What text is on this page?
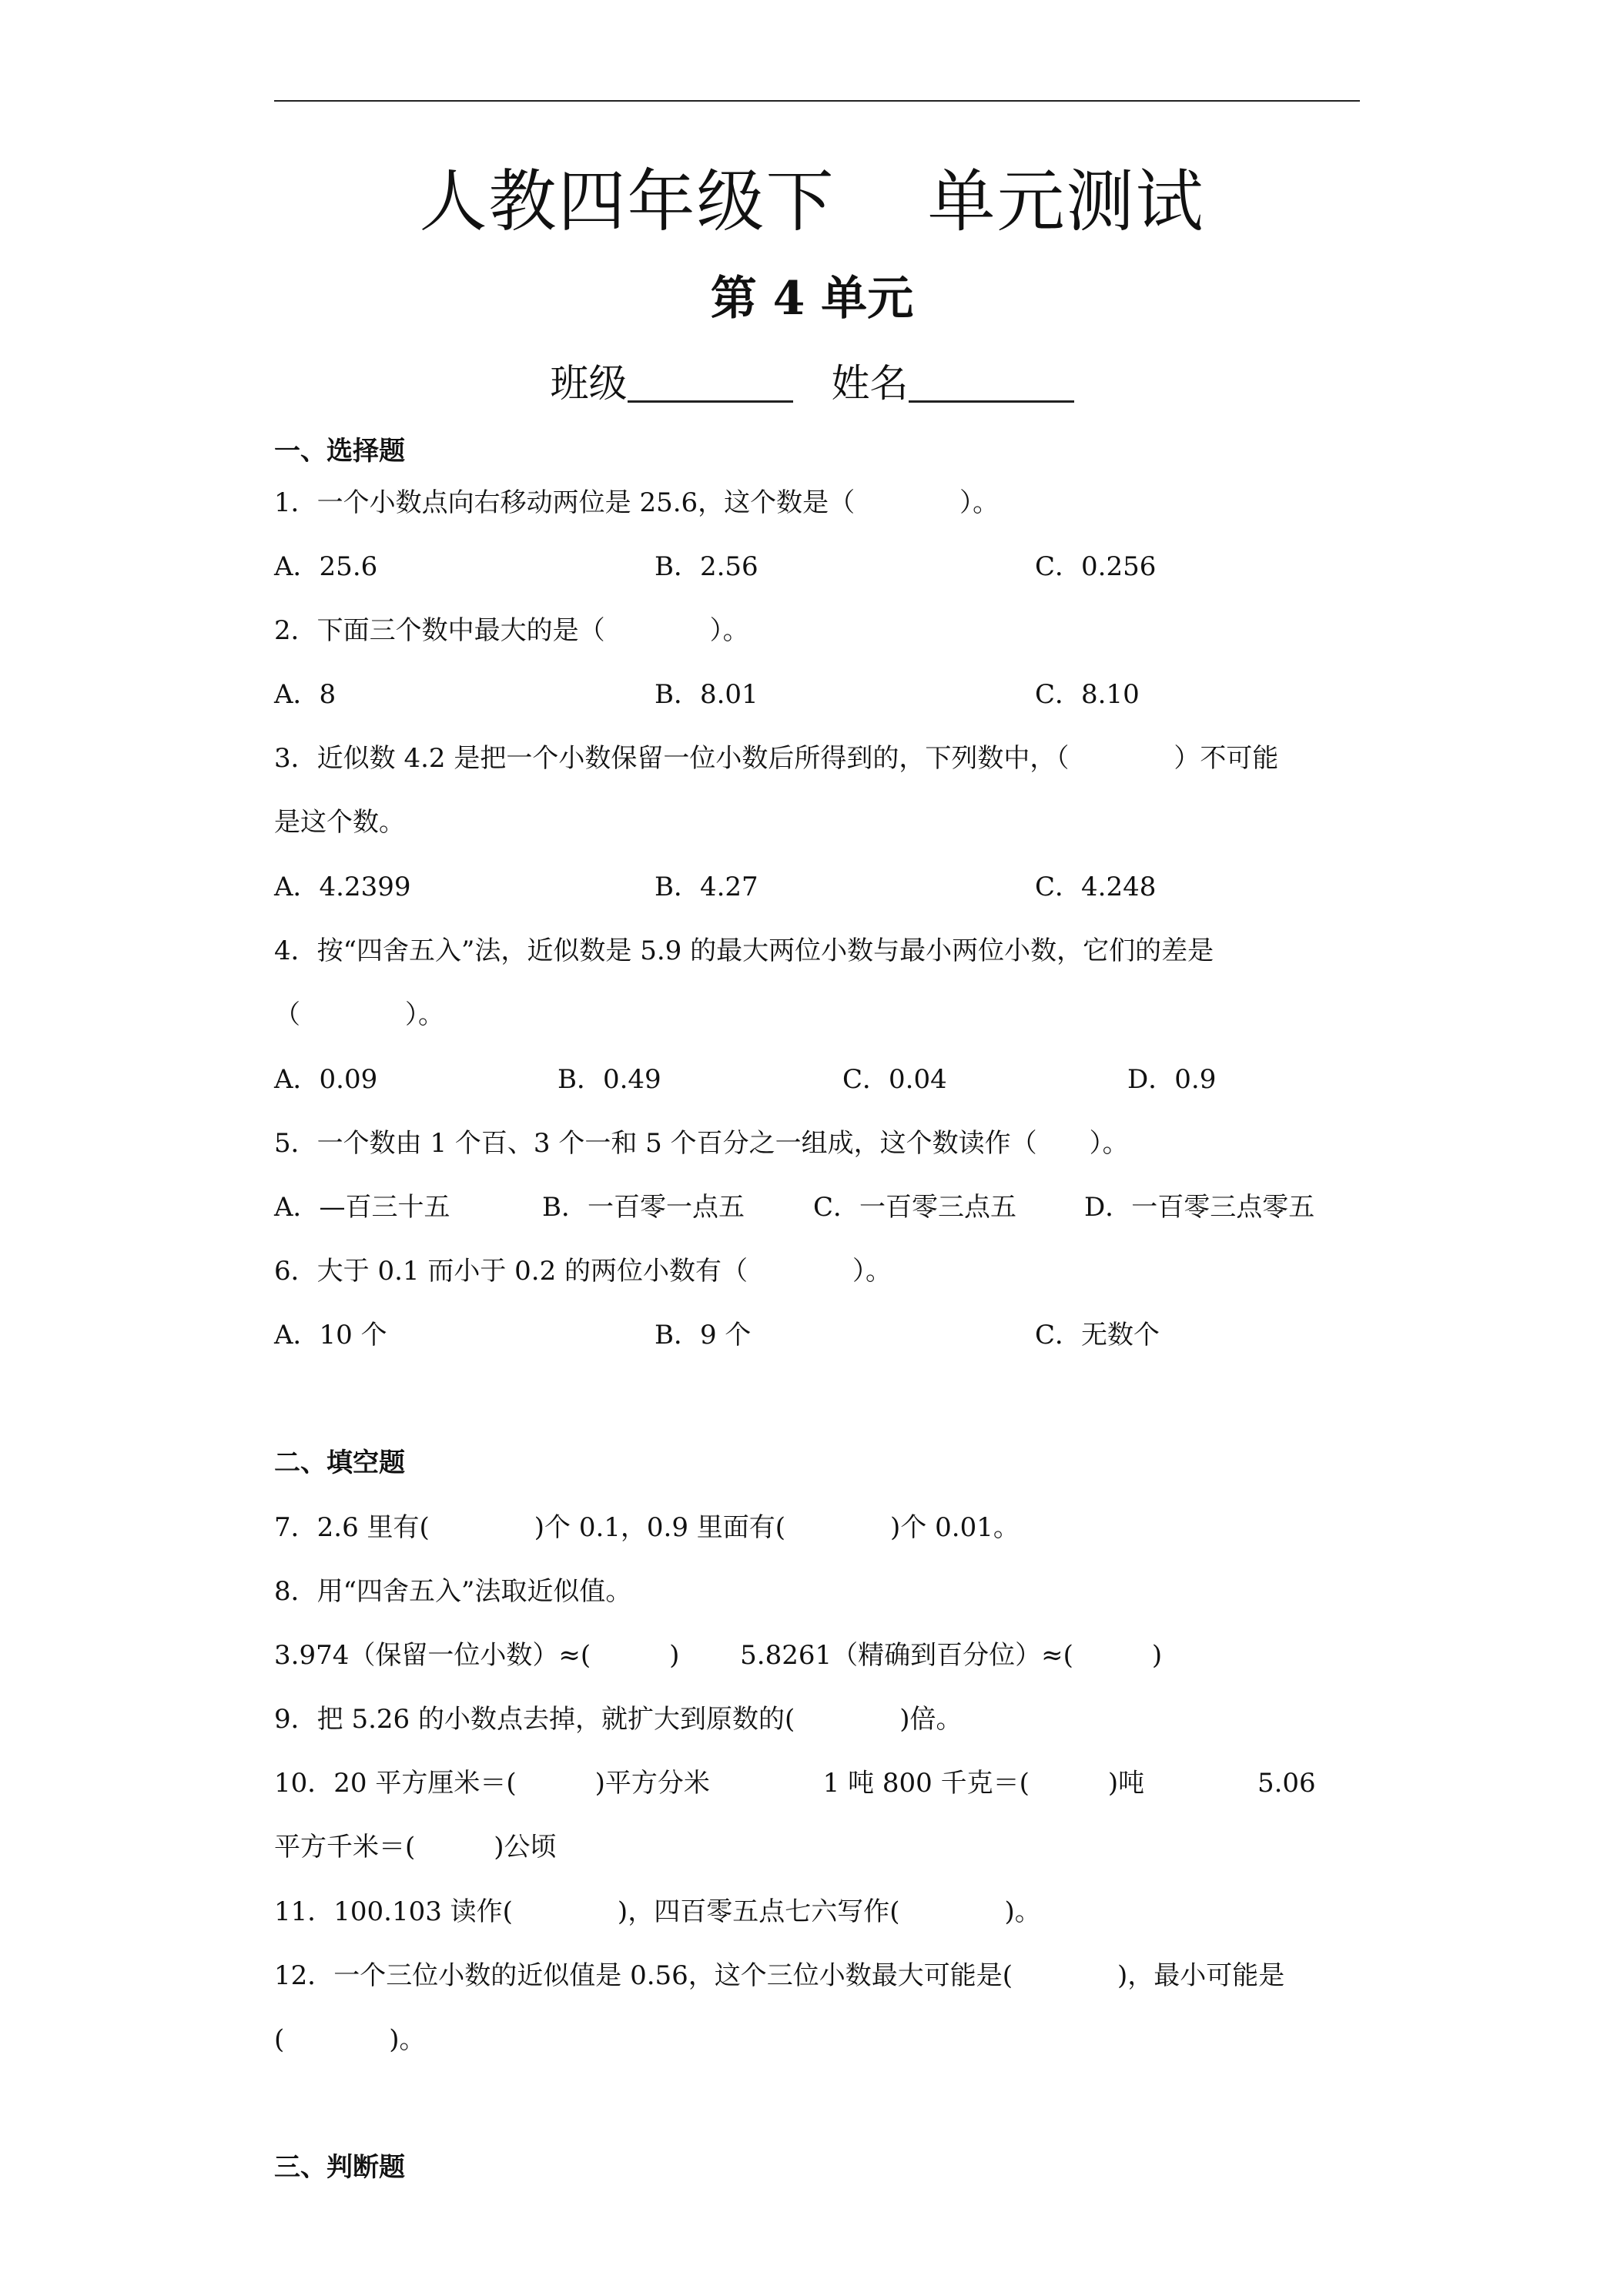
人教四年级下　 单元测试
第 4 单元
班级	姓名
一、选择题
1．一个小数点向右移动两位是 25.6，这个数是（　　　　）。
A．25.6	B．2.56	C．0.256
2．下面三个数中最大的是（　　　　）。
A．8	B．8.01	C．8.10
3．近似数 4.2 是把一个小数保留一位小数后所得到的，下列数中，（　　　　）不可能
是这个数。
A．4.2399	B．4.27	C．4.248
4．按“四舍五入”法，近似数是 5.9 的最大两位小数与最小两位小数，它们的差是
（　　　　）。
A．0.09	B．0.49	C．0.04	D．0.9
5．一个数由 1 个百、3 个一和 5 个百分之一组成，这个数读作（　　）。
A．—百三十五	B．一百零一点五	C．一百零三点五	D．一百零三点零五
6．大于 0.1 而小于 0.2 的两位小数有（　　　　）。
A．10 个	B．9 个	C．无数个
二、填空题
7．2.6 里有(　　　　)个 0.1，0.9 里面有(　　　　)个 0.01。
8．用“四舍五入”法取近似值。
3.974（保留一位小数）≈(　　　)　　 5.8261（精确到百分位）≈(　　　)
9．把 5.26 的小数点去掉，就扩大到原数的(　　　　)倍。
10．20 平方厘米＝(　　　)平方分米　　　　 1 吨 800 千克＝(　　　)吨　　　　 5.06
平方千米＝(　　　)公顷
11．100.103 读作(　　　　)，四百零五点七六写作(　　　　)。
12．一个三位小数的近似值是 0.56，这个三位小数最大可能是(　　　　)，最小可能是
(　　　　)。
三、判断题
